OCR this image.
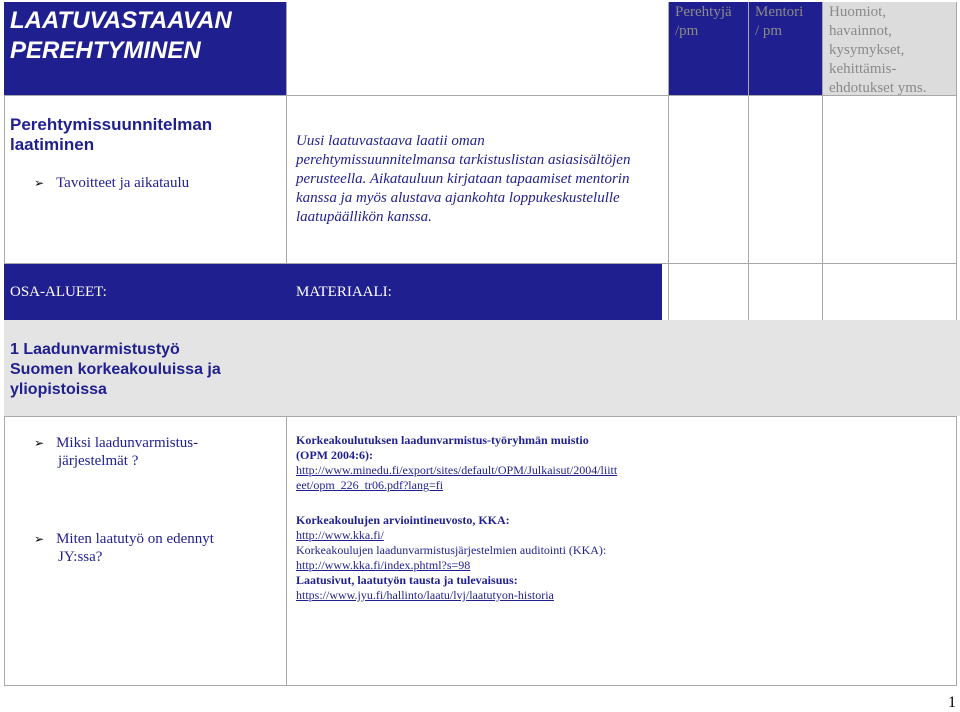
LAATUVASTAAVAN
PEREHTYMINEN
Perehtyjä
/pm
Mentori
/ pm
Huomiot,
havainnot,
kysymykset,
kehittämis-
ehdotukset yms.
Perehtymissuunnitelman
laatiminen
➢ Tavoitteet ja aikataulu
Uusi laatuvastaava laatii oman
perehtymissuunnitelmansa tarkistuslistan asiasisältöjen
perusteella. Aikatauluun kirjataan tapaamiset mentorin
kanssa ja myös alustava ajankohta loppukeskustelulle
laatupäällikön kanssa.
OSA-ALUEET:	MATERIAALI:
1 Laadunvarmistustyö
Suomen korkeakouluissa ja
yliopistoissa
➢ Miksi laadunvarmistus-
järjestelmät ?
➢ Miten laatutyö on edennyt
JY:ssa?
Korkeakoulutuksen laadunvarmistus-työryhmän muistio
(OPM 2004:6):
http://www.minedu.fi/export/sites/default/OPM/Julkaisut/2004/liitt
eet/opm_226_tr06.pdf?lang=fi
Korkeakoulujen arviointineuvosto, KKA:
http://www.kka.fi/
Korkeakoulujen laadunvarmistusjärjestelmien auditointi (KKA):
http://www.kka.fi/index.phtml?s=98
Laatusivut, laatutyön tausta ja tulevaisuus:
https://www.jyu.fi/hallinto/laatu/lvj/laatutyon-historia
1
